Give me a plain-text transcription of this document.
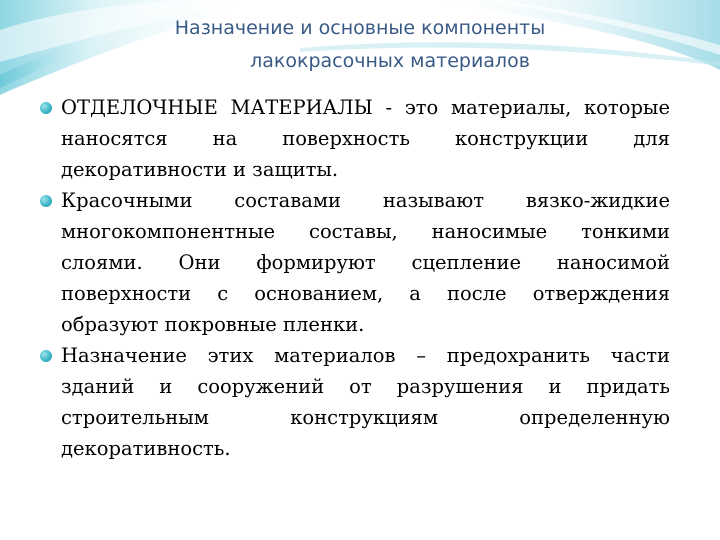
Назначение и основные компоненты
лакокрасочных материалов
ОТДЕЛОЧНЫЕ МАТЕРИАЛЫ - это материалы, которые наносятся на поверхность конструкции для декоративности и защиты.
Красочными составами называют вязко-жидкие многокомпонентные составы, наносимые тонкими слоями. Они формируют сцепление наносимой поверхности с основанием, а после отверждения образуют покровные пленки.
Назначение этих материалов – предохранить части зданий и сооружений от разрушения и придать строительным конструкциям определенную декоративность.
